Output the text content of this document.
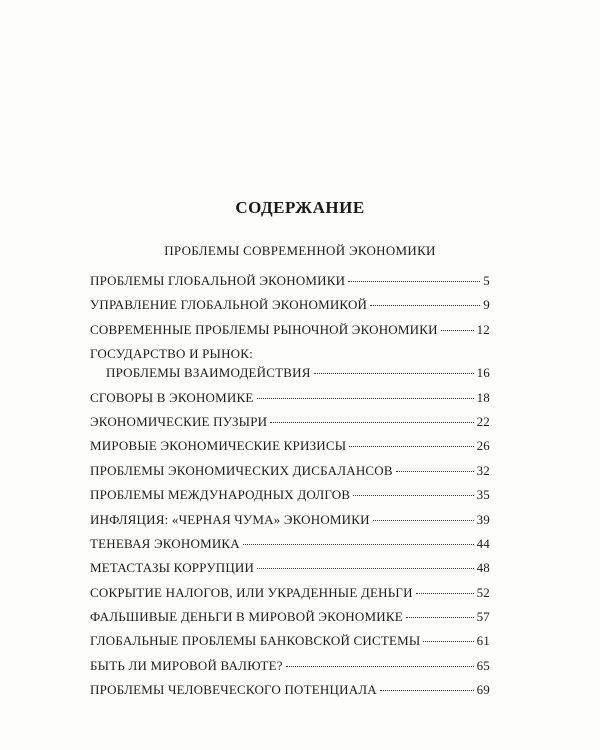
СОДЕРЖАНИЕ
ПРОБЛЕМЫ СОВРЕМЕННОЙ ЭКОНОМИКИ
ПРОБЛЕМЫ ГЛОБАЛЬНОЙ ЭКОНОМИКИ	5
УПРАВЛЕНИЕ ГЛОБАЛЬНОЙ ЭКОНОМИКОЙ	9
СОВРЕМЕННЫЕ ПРОБЛЕМЫ РЫНОЧНОЙ ЭКОНОМИКИ	12
ГОСУДАРСТВО И РЫНОК:
ПРОБЛЕМЫ ВЗАИМОДЕЙСТВИЯ	16
СГОВОРЫ В ЭКОНОМИКЕ	18
ЭКОНОМИЧЕСКИЕ ПУЗЫРИ	22
МИРОВЫЕ ЭКОНОМИЧЕСКИЕ КРИЗИСЫ	26
ПРОБЛЕМЫ ЭКОНОМИЧЕСКИХ ДИСБАЛАНСОВ	32
ПРОБЛЕМЫ МЕЖДУНАРОДНЫХ ДОЛГОВ	35
ИНФЛЯЦИЯ: «ЧЕРНАЯ ЧУМА» ЭКОНОМИКИ	39
ТЕНЕВАЯ ЭКОНОМИКА	44
МЕТАСТАЗЫ КОРРУПЦИИ	48
СОКРЫТИЕ НАЛОГОВ, ИЛИ УКРАДЕННЫЕ ДЕНЬГИ	52
ФАЛЬШИВЫЕ ДЕНЬГИ В МИРОВОЙ ЭКОНОМИКЕ	57
ГЛОБАЛЬНЫЕ ПРОБЛЕМЫ БАНКОВСКОЙ СИСТЕМЫ	61
БЫТЬ ЛИ МИРОВОЙ ВАЛЮТЕ?	65
ПРОБЛЕМЫ ЧЕЛОВЕЧЕСКОГО ПОТЕНЦИАЛА	69
